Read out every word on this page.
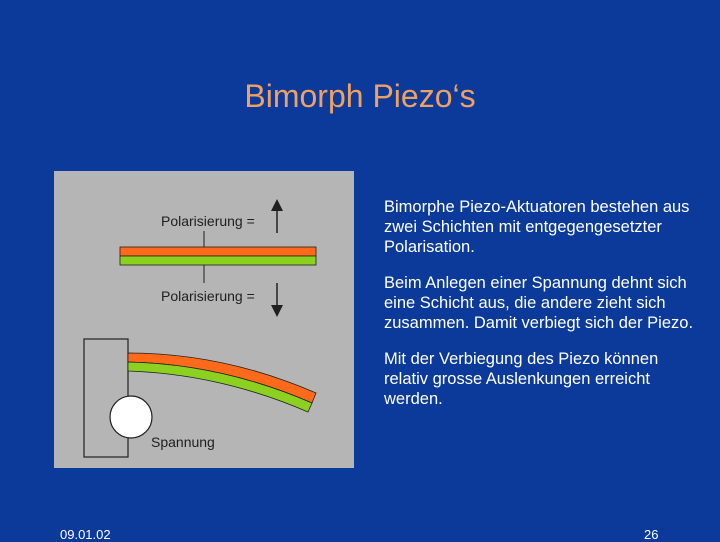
Bimorph Piezo‘s
Polarisierung =
Polarisierung =
Spannung

Bimorphe Piezo-Aktuatoren bestehen aus zwei Schichten mit entgegengesetzter Polarisation.

Beim Anlegen einer Spannung dehnt sich eine Schicht aus, die andere zieht sich zusammen. Damit verbiegt sich der Piezo.

Mit der Verbiegung des Piezo können relativ grosse Auslenkungen erreicht werden.

09.01.02	26
